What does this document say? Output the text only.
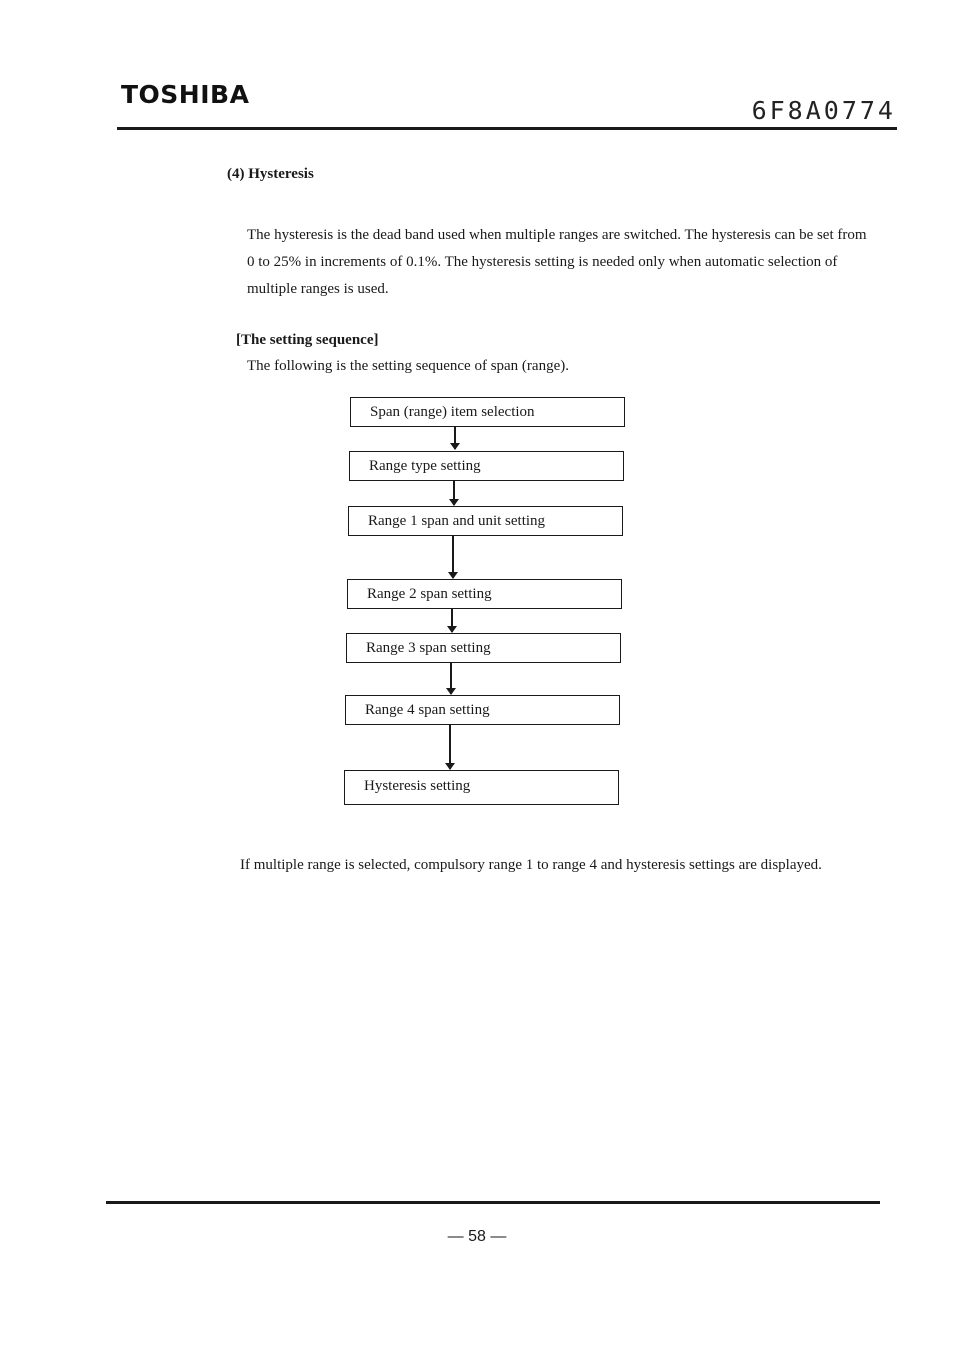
TOSHIBA
6F8A0774
(4) Hysteresis
The hysteresis is the dead band used when multiple ranges are switched. The hysteresis can be set from 0 to 25% in increments of 0.1%. The hysteresis setting is needed only when automatic selection of multiple ranges is used.
[The setting sequence]
The following is the setting sequence of span (range).
Span (range) item selection
Range type setting
Range 1 span and unit setting
Range 2 span setting
Range 3 span setting
Range 4 span setting
Hysteresis setting
If multiple range is selected, compulsory range 1 to range 4 and hysteresis settings are displayed.
— 58 —
